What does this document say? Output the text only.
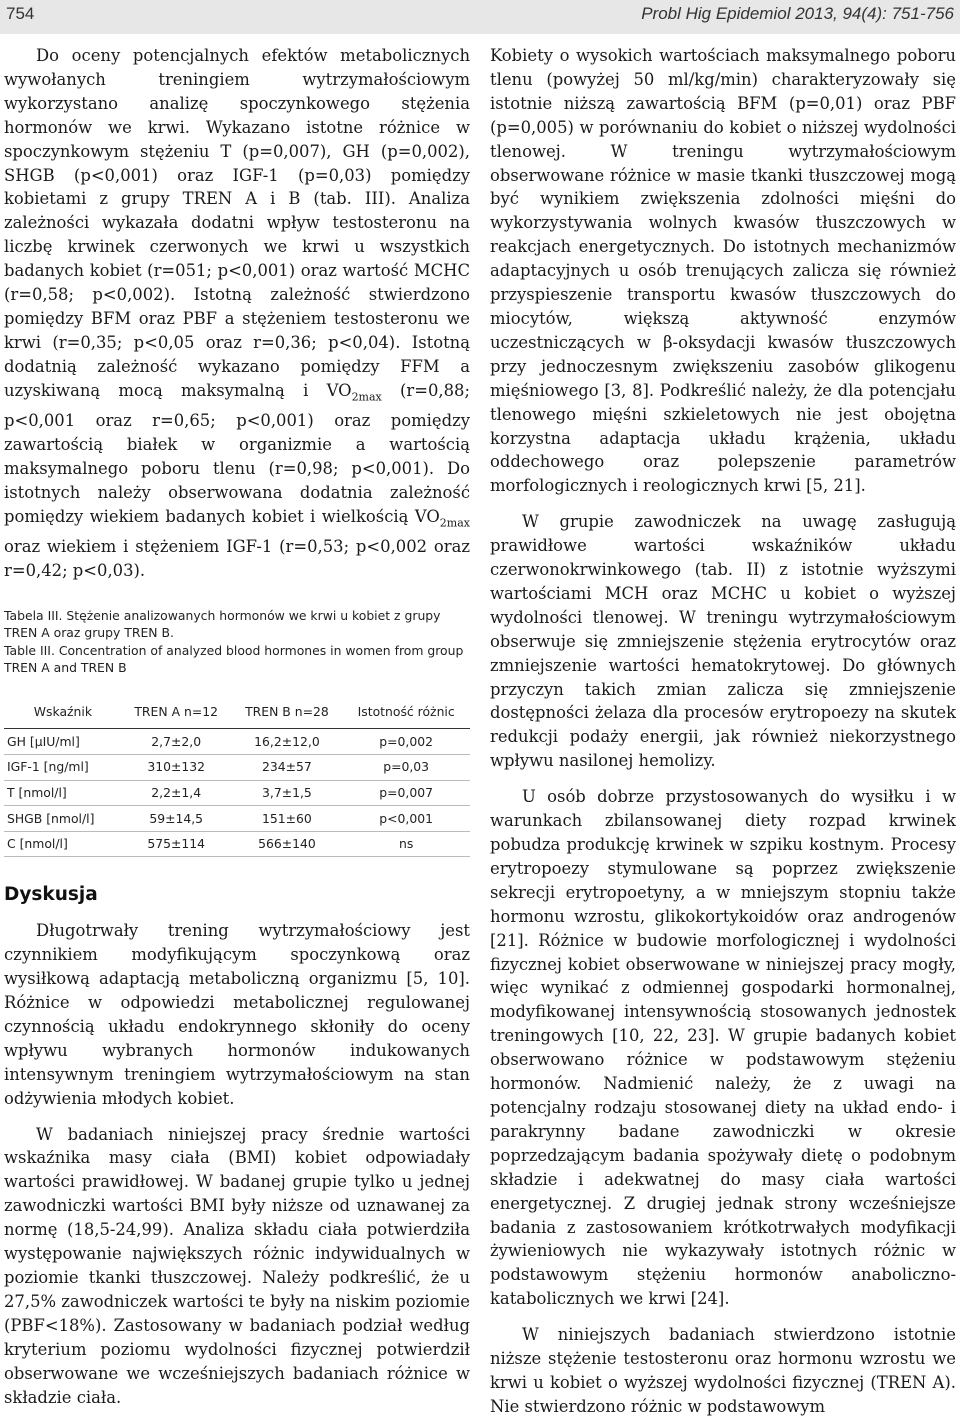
754	Probl Hig Epidemiol 2013, 94(4): 751-756

Do oceny potencjalnych efektów metabolicznych wywołanych treningiem wytrzymałościowym wykorzystano analizę spoczynkowego stężenia hormonów we krwi. Wykazano istotne różnice w spoczynkowym stężeniu T (p=0,007), GH (p=0,002), SHGB (p<0,001) oraz IGF-1 (p=0,03) pomiędzy kobietami z grupy TREN A i B (tab. III). Analiza zależności wykazała dodatni wpływ testosteronu na liczbę krwinek czerwonych we krwi u wszystkich badanych kobiet (r=051; p<0,001) oraz wartość MCHC (r=0,58; p<0,002). Istotną zależność stwierdzono pomiędzy BFM oraz PBF a stężeniem testosteronu we krwi (r=0,35; p<0,05 oraz r=0,36; p<0,04). Istotną dodatnią zależność wykazano pomiędzy FFM a uzyskiwaną mocą maksymalną i $VO_{2max}$ (r=0,88; p<0,001 oraz r=0,65; p<0,001) oraz pomiędzy zawartością białek w organizmie a wartością maksymalnego poboru tlenu (r=0,98; p<0,001). Do istotnych należy obserwowana dodatnia zależność pomiędzy wiekiem badanych kobiet i wielkością $VO_{2max}$ oraz wiekiem i stężeniem IGF-1 (r=0,53; p<0,002 oraz r=0,42; p<0,03).

Tabela III. Stężenie analizowanych hormonów we krwi u kobiet z grupy TREN A oraz grupy TREN B.
Table III. Concentration of analyzed blood hormones in women from group TREN A and TREN B
Wskaźnik	TREN A n=12	TREN B n=28	Istotność różnic
GH [µIU/ml]	2,7±2,0	16,2±12,0	p=0,002
IGF-1 [ng/ml]	310±132	234±57	p=0,03
T [nmol/l]	2,2±1,4	3,7±1,5	p=0,007
SHGB [nmol/l]	59±14,5	151±60	p<0,001
C [nmol/l]	575±114	566±140	ns
Dyskusja

Długotrwały trening wytrzymałościowy jest czynnikiem modyfikującym spoczynkową oraz wysiłkową adaptacją metaboliczną organizmu [5, 10]. Różnice w odpowiedzi metabolicznej regulowanej czynnością układu endokrynnego skłoniły do oceny wpływu wybranych hormonów indukowanych intensywnym treningiem wytrzymałościowym na stan odżywienia młodych kobiet.

W badaniach niniejszej pracy średnie wartości wskaźnika masy ciała (BMI) kobiet odpowiadały wartości prawidłowej. W badanej grupie tylko u jednej zawodniczki wartości BMI były niższe od uznawanej za normę (18,5-24,99). Analiza składu ciała potwierdziła występowanie największych różnic indywidualnych w poziomie tkanki tłuszczowej. Należy podkreślić, że u 27,5% zawodniczek wartości te były na niskim poziomie (PBF<18%). Zastosowany w badaniach podział według kryterium poziomu wydolności fizycznej potwierdził obserwowane we wcześniejszych badaniach różnice w składzie ciała.

Kobiety o wysokich wartościach maksymalnego poboru tlenu (powyżej 50 ml/kg/min) charakteryzowały się istotnie niższą zawartością BFM (p=0,01) oraz PBF (p=0,005) w porównaniu do kobiet o niższej wydolności tlenowej. W treningu wytrzymałościowym obserwowane różnice w masie tkanki tłuszczowej mogą być wynikiem zwiększenia zdolności mięśni do wykorzystywania wolnych kwasów tłuszczowych w reakcjach energetycznych. Do istotnych mechanizmów adaptacyjnych u osób trenujących zalicza się również przyspieszenie transportu kwasów tłuszczowych do miocytów, większą aktywność enzymów uczestniczących w β-oksydacji kwasów tłuszczowych przy jednoczesnym zwiększeniu zasobów glikogenu mięśniowego [3, 8]. Podkreślić należy, że dla potencjału tlenowego mięśni szkieletowych nie jest obojętna korzystna adaptacja układu krążenia, układu oddechowego oraz polepszenie parametrów morfologicznych i reologicznych krwi [5, 21].

W grupie zawodniczek na uwagę zasługują prawidłowe wartości wskaźników układu czerwonokrwinkowego (tab. II) z istotnie wyższymi wartościami MCH oraz MCHC u kobiet o wyższej wydolności tlenowej. W treningu wytrzymałościowym obserwuje się zmniejszenie stężenia erytrocytów oraz zmniejszenie wartości hematokrytowej. Do głównych przyczyn takich zmian zalicza się zmniejszenie dostępności żelaza dla procesów erytropoezy na skutek redukcji podaży energii, jak również niekorzystnego wpływu nasilonej hemolizy.

U osób dobrze przystosowanych do wysiłku i w warunkach zbilansowanej diety rozpad krwinek pobudza produkcję krwinek w szpiku kostnym. Procesy erytropoezy stymulowane są poprzez zwiększenie sekrecji erytropoetyny, a w mniejszym stopniu także hormonu wzrostu, glikokortykoidów oraz androgenów [21]. Różnice w budowie morfologicznej i wydolności fizycznej kobiet obserwowane w niniejszej pracy mogły, więc wynikać z odmiennej gospodarki hormonalnej, modyfikowanej intensywnością stosowanych jednostek treningowych [10, 22, 23]. W grupie badanych kobiet obserwowano różnice w podstawowym stężeniu hormonów. Nadmienić należy, że z uwagi na potencjalny rodzaju stosowanej diety na układ endo- i parakrynny badane zawodniczki w okresie poprzedzającym badania spożywały dietę o podobnym składzie i adekwatnej do masy ciała wartości energetycznej. Z drugiej jednak strony wcześniejsze badania z zastosowaniem krótkotrwałych modyfikacji żywieniowych nie wykazywały istotnych różnic w podstawowym stężeniu hormonów anaboliczno-katabolicznych we krwi [24].

W niniejszych badaniach stwierdzono istotnie niższe stężenie testosteronu oraz hormonu wzrostu we krwi u kobiet o wyższej wydolności fizycznej (TREN A). Nie stwierdzono różnic w podstawowym
